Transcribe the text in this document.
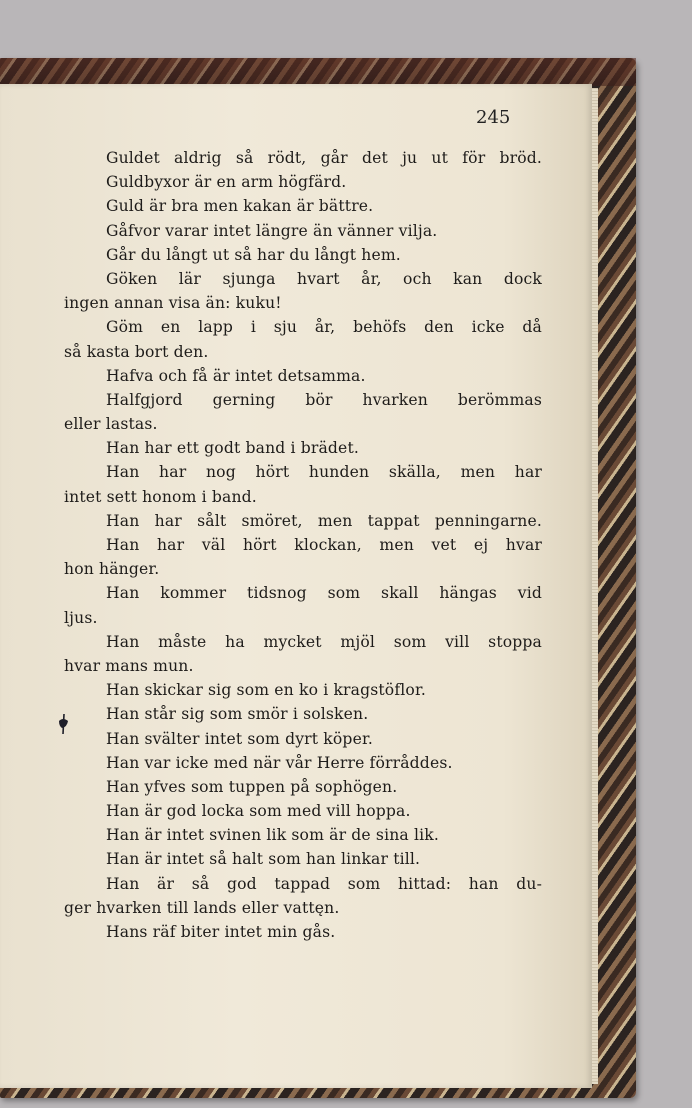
245
Guldet aldrig så rödt, går det ju ut för bröd.
Guldbyxor är en arm högfärd.
Guld är bra men kakan är bättre.
Gåfvor varar intet längre än vänner vilja.
Går du långt ut så har du långt hem.
Göken lär sjunga hvart år, och kan dock
ingen annan visa än: kuku!
Göm en lapp i sju år, behöfs den icke då
så kasta bort den.
Hafva och få är intet detsamma.
Halfgjord gerning bör hvarken berömmas
eller lastas.
Han har ett godt band i brädet.
Han har nog hört hunden skälla, men har
intet sett honom i band.
Han har sålt smöret, men tappat penningarne.
Han har väl hört klockan, men vet ej hvar
hon hänger.
Han kommer tidsnog som skall hängas vid
ljus.
Han måste ha mycket mjöl som vill stoppa
hvar mans mun.
Han skickar sig som en ko i kragstöflor.
Han står sig som smör i solsken.
Han svälter intet som dyrt köper.
Han var icke med när vår Herre förråddes.
Han yfves som tuppen på sophögen.
Han är god locka som med vill hoppa.
Han är intet svinen lik som är de sina lik.
Han är intet så halt som han linkar till.
Han är så god tappad som hittad: han du-
ger hvarken till lands eller vattęn.
Hans räf biter intet min gås.
